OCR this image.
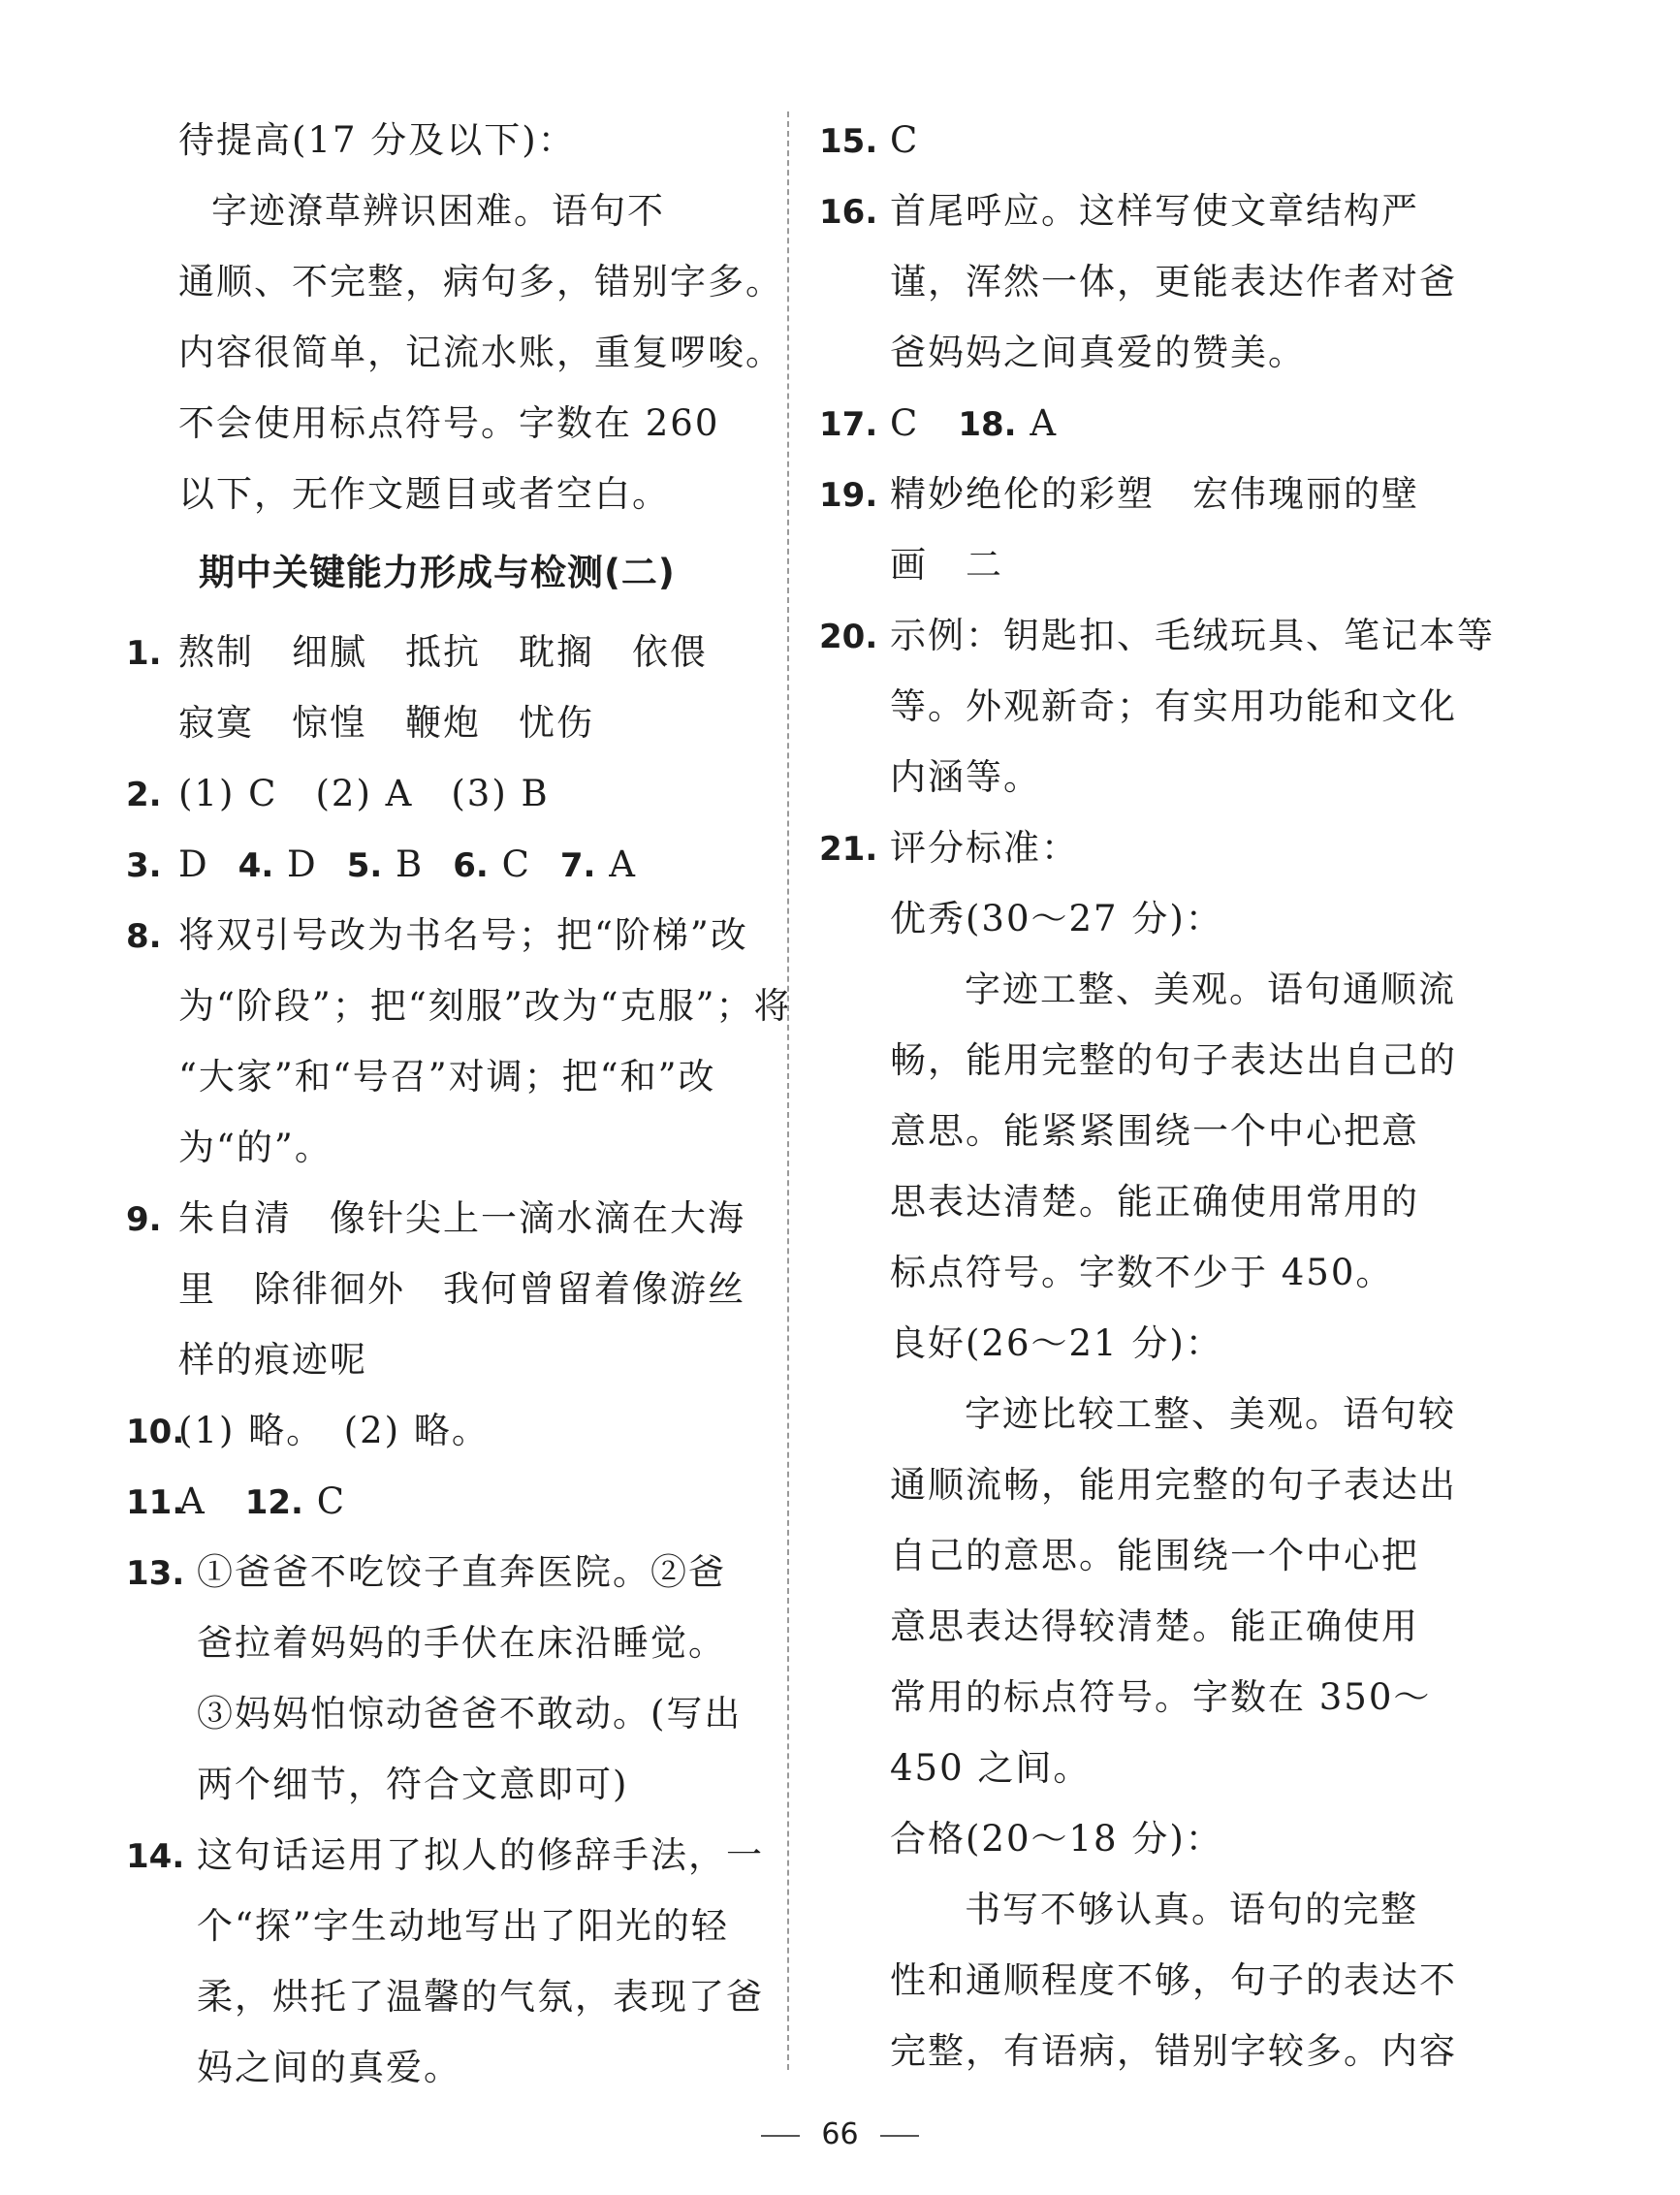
待提高(17 分及以下)：
字迹潦草辨识困难。语句不
通顺、不完整，病句多，错别字多。
内容很简单，记流水账，重复啰唆。
不会使用标点符号。字数在 260
以下，无作文题目或者空白。
期中关键能力形成与检测(二)
1. 熬制　细腻　抵抗　耽搁　依偎
寂寞　惊惶　鞭炮　忧伤
2. (1) C　(2) A　(3) B
3. D 4. D 5. B 6. C 7. A
8. 将双引号改为书名号；把“阶梯”改
为“阶段”；把“刻服”改为“克服”；将
“大家”和“号召”对调；把“和”改
为“的”。
9. 朱自清　像针尖上一滴水滴在大海
里　除徘徊外　我何曾留着像游丝
样的痕迹呢
10.(1) 略。　(2) 略。
11.A 12. C
13. ①爸爸不吃饺子直奔医院。②爸
爸拉着妈妈的手伏在床沿睡觉。
③妈妈怕惊动爸爸不敢动。(写出
两个细节，符合文意即可)
14. 这句话运用了拟人的修辞手法，一
个“探”字生动地写出了阳光的轻
柔，烘托了温馨的气氛，表现了爸
妈之间的真爱。
15. C
16. 首尾呼应。这样写使文章结构严
谨，浑然一体，更能表达作者对爸
爸妈妈之间真爱的赞美。
17. C 18. A
19. 精妙绝伦的彩塑　宏伟瑰丽的壁
画　二
20. 示例：钥匙扣、毛绒玩具、笔记本等
等。外观新奇；有实用功能和文化
内涵等。
21. 评分标准：
优秀(30～27 分)：
字迹工整、美观。语句通顺流
畅，能用完整的句子表达出自己的
意思。能紧紧围绕一个中心把意
思表达清楚。能正确使用常用的
标点符号。字数不少于 450。
良好(26～21 分)：
字迹比较工整、美观。语句较
通顺流畅，能用完整的句子表达出
自己的意思。能围绕一个中心把
意思表达得较清楚。能正确使用
常用的标点符号。字数在 350～
450 之间。
合格(20～18 分)：
书写不够认真。语句的完整
性和通顺程度不够，句子的表达不
完整，有语病，错别字较多。内容
66
